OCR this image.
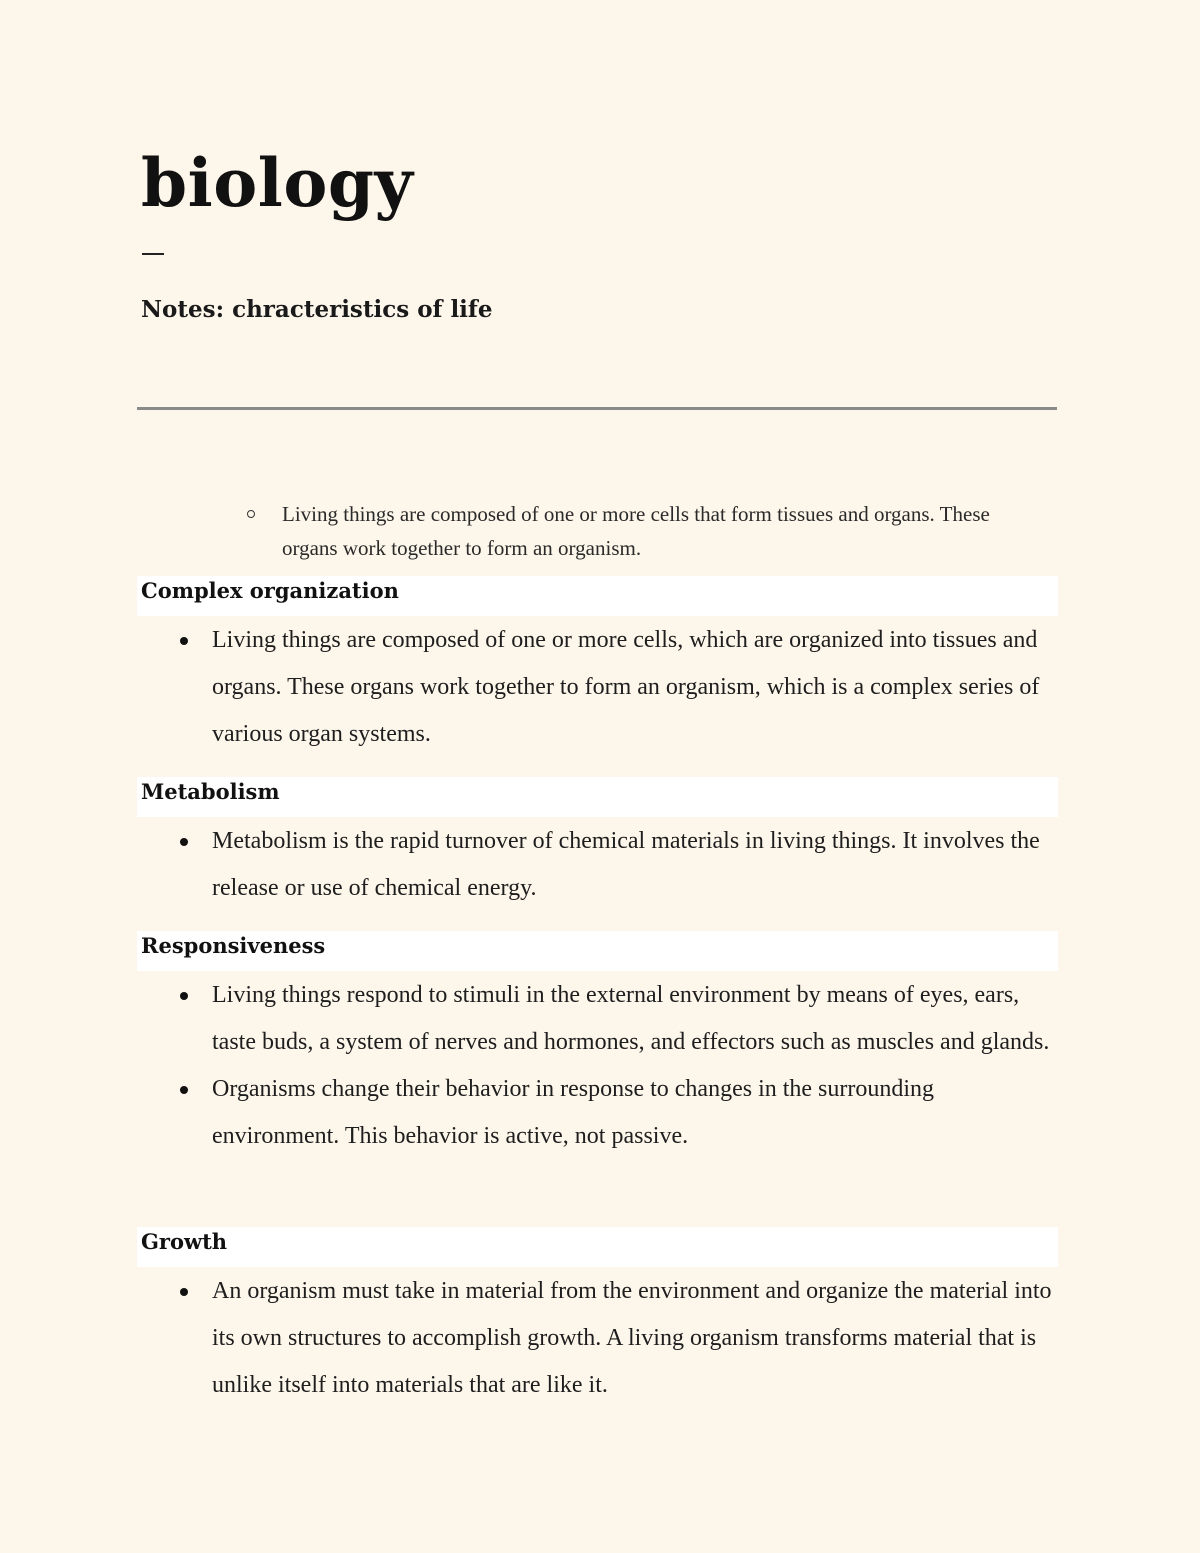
biology
Notes: chracteristics of life
Living things are composed of one or more cells that form tissues and organs. These organs work together to form an organism.
Complex organization
Living things are composed of one or more cells, which are organized into tissues and organs. These organs work together to form an organism, which is a complex series of various organ systems.
Metabolism
Metabolism is the rapid turnover of chemical materials in living things. It involves the release or use of chemical energy.
Responsiveness
Living things respond to stimuli in the external environment by means of eyes, ears, taste buds, a system of nerves and hormones, and effectors such as muscles and glands.
Organisms change their behavior in response to changes in the surrounding environment. This behavior is active, not passive.
Growth
An organism must take in material from the environment and organize the material into its own structures to accomplish growth. A living organism transforms material that is unlike itself into materials that are like it.
